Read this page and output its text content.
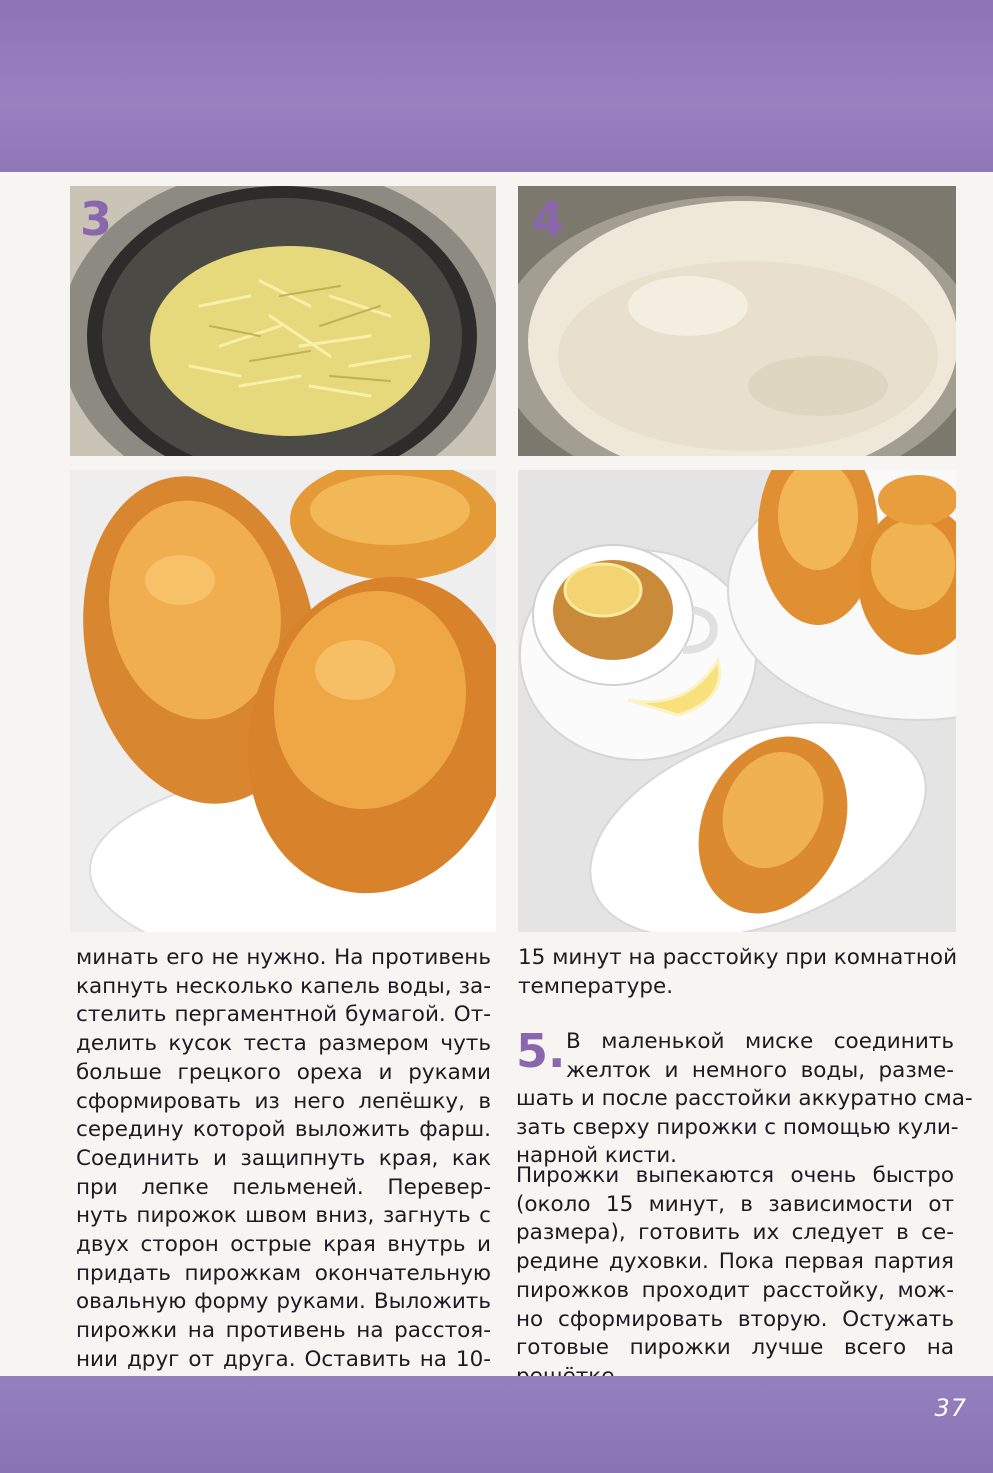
3	4
минать его не нужно. На противень
капнуть несколько капель воды, за-
стелить пергаментной бумагой. От-
делить кусок теста размером чуть
больше грецкого ореха и руками
сформировать из него лепёшку, в
середину которой выложить фарш.
Соединить и защипнуть края, как
при лепке пельменей. Перевер-
нуть пирожок швом вниз, загнуть с
двух сторон острые края внутрь и
придать пирожкам окончательную
овальную форму руками. Выложить
пирожки на противень на расстоя-
нии друг от друга. Оставить на 10-
15 минут на расстойку при комнатной
температуре.
5. В маленькой миске соединить
желток и немного воды, разме-
шать и после расстойки аккуратно сма-
зать сверху пирожки с помощью кули-
нарной кисти.
Пирожки выпекаются очень быстро
(около 15 минут, в зависимости от
размера), готовить их следует в се-
редине духовки. Пока первая партия
пирожков проходит расстойку, мож-
но сформировать вторую. Остужать
готовые пирожки лучше всего на
37
